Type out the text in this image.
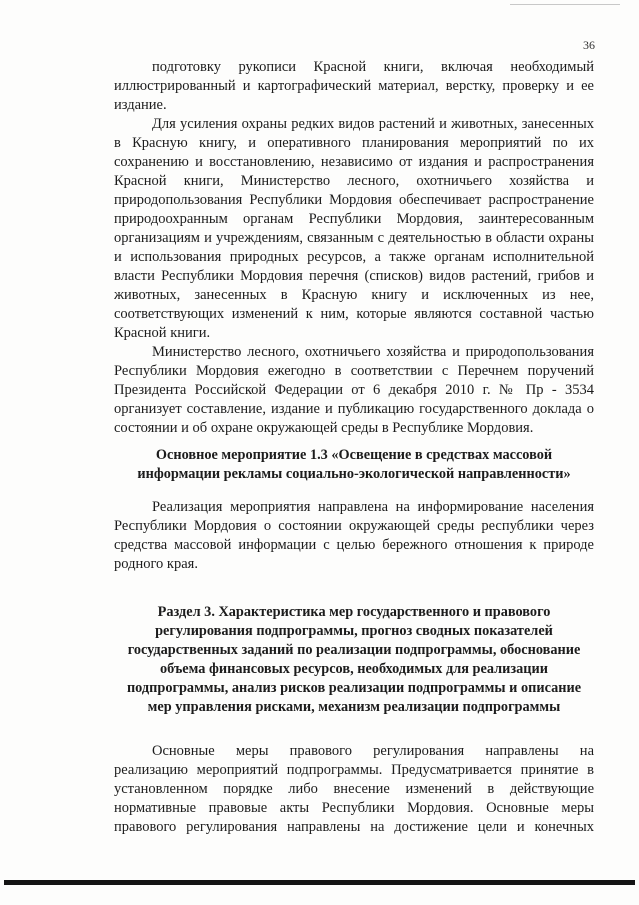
36
подготовку рукописи Красной книги, включая необходимый
иллюстрированный и картографический материал, верстку, проверку и ее
издание.
Для усиления охраны редких видов растений и животных, занесенных
в Красную книгу, и оперативного планирования мероприятий по их
сохранению и восстановлению, независимо от издания и распространения
Красной книги, Министерство лесного, охотничьего хозяйства и
природопользования Республики Мордовия обеспечивает распространение
природоохранным органам Республики Мордовия, заинтересованным
организациям и учреждениям, связанным с деятельностью в области охраны
и использования природных ресурсов, а также органам исполнительной
власти Республики Мордовия перечня (списков) видов растений, грибов и
животных, занесенных в Красную книгу и исключенных из нее,
соответствующих изменений к ним, которые являются составной частью
Красной книги.
Министерство лесного, охотничьего хозяйства и природопользования
Республики Мордовия ежегодно в соответствии с Перечнем поручений
Президента Российской Федерации от 6 декабря 2010 г. № Пр - 3534
организует составление, издание и публикацию государственного доклада о
состоянии и об охране окружающей среды в Республике Мордовия.
Основное мероприятие 1.3 «Освещение в средствах массовой
информации рекламы социально-экологической направленности»
Реализация мероприятия направлена на информирование населения
Республики Мордовия о состоянии окружающей среды республики через
средства массовой информации с целью бережного отношения к природе
родного края.
Раздел 3. Характеристика мер государственного и правового
регулирования подпрограммы, прогноз сводных показателей
государственных заданий по реализации подпрограммы, обоснование
объема финансовых ресурсов, необходимых для реализации
подпрограммы, анализ рисков реализации подпрограммы и описание
мер управления рисками, механизм реализации подпрограммы
Основные меры правового регулирования направлены на
реализацию мероприятий подпрограммы. Предусматривается принятие в
установленном порядке либо внесение изменений в действующие
нормативные правовые акты Республики Мордовия. Основные меры
правового регулирования направлены на достижение цели и конечных
